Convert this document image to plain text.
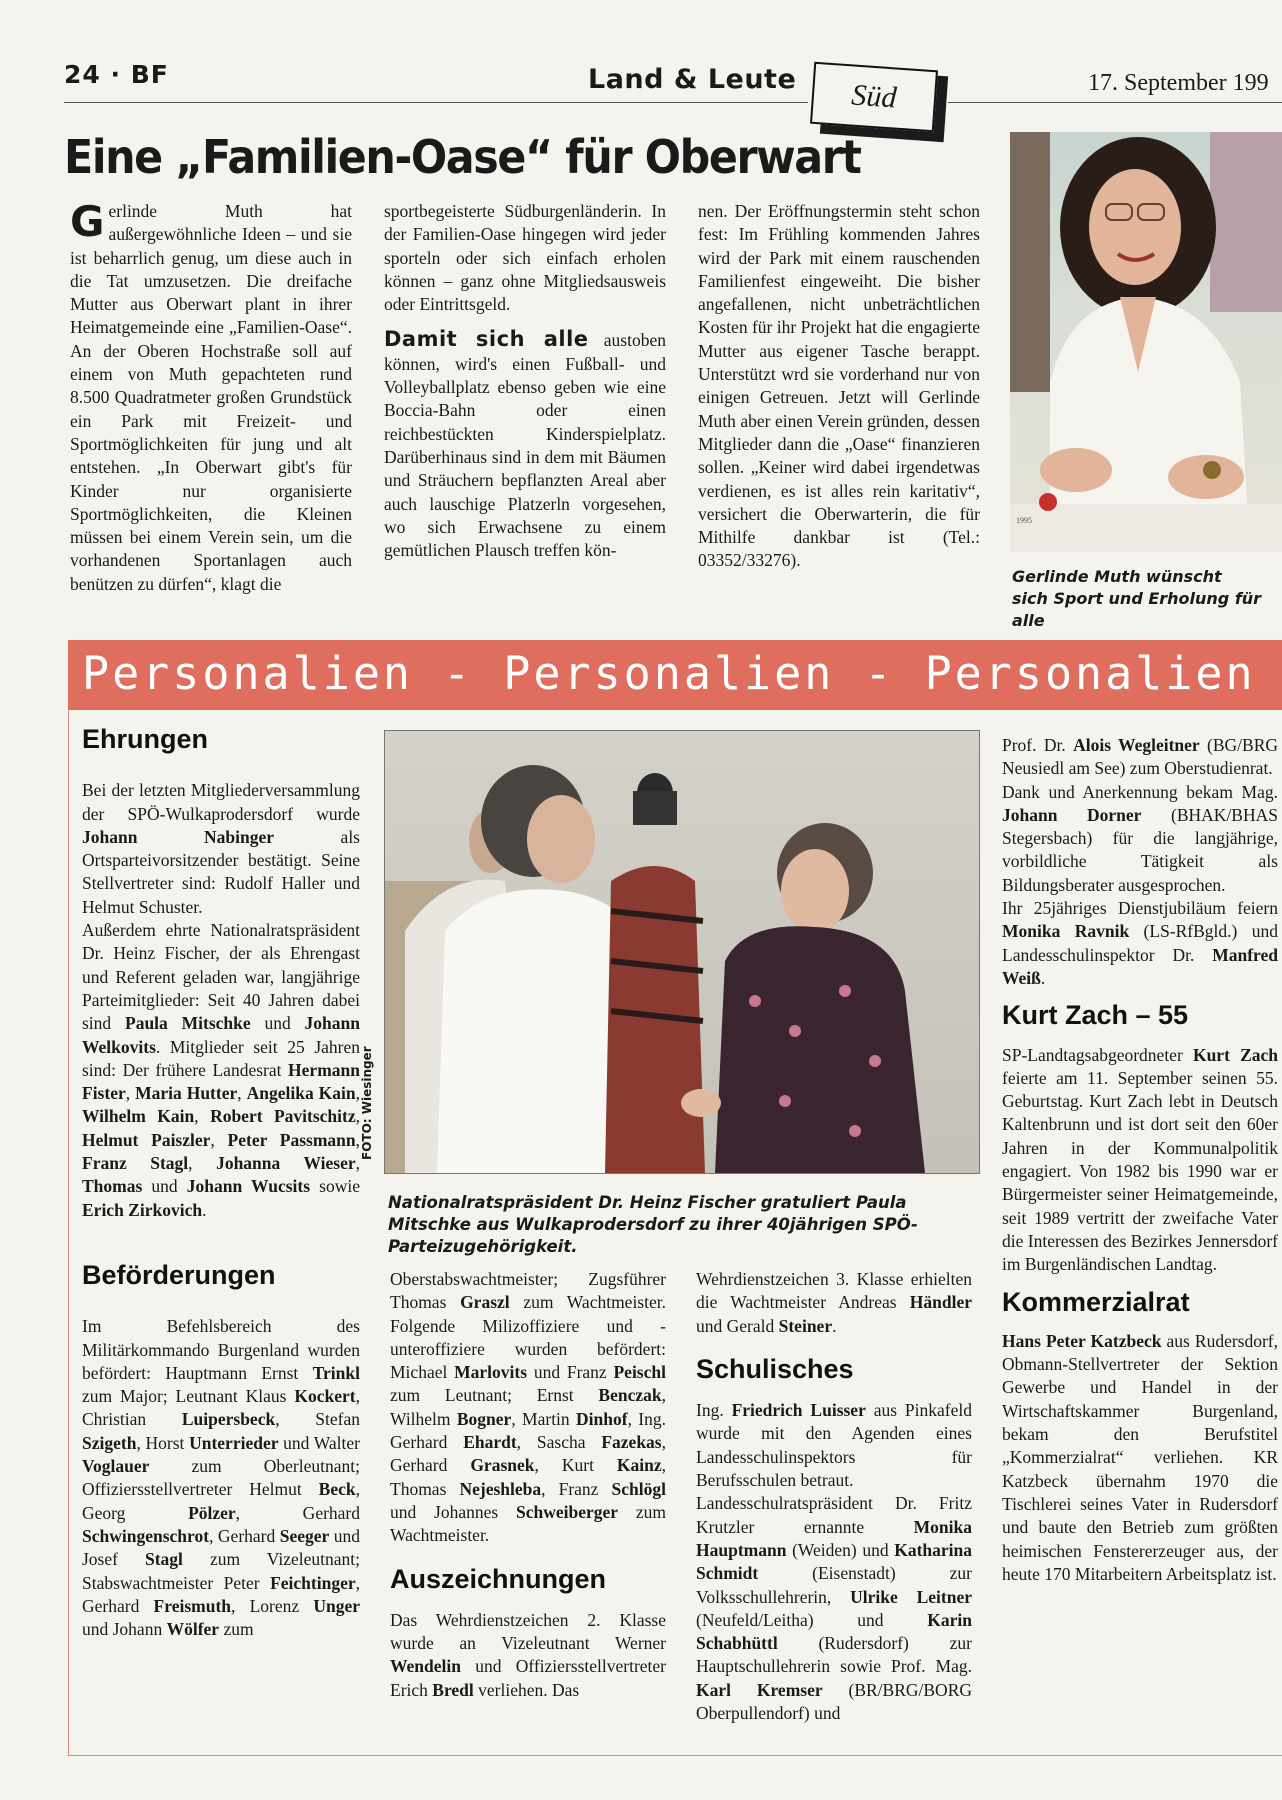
24 · BF	Land & Leute	Süd	17. September 199
Eine „Familien-Oase“ für Oberwart
G erlinde Muth hat außergewöhnliche Ideen – und sie ist beharrlich genug, um diese auch in die Tat umzusetzen. Die dreifache Mutter aus Oberwart plant in ihrer Heimatgemeinde eine „Familien-Oase“. An der Oberen Hochstraße soll auf einem von Muth gepachteten rund 8.500 Quadratmeter großen Grundstück ein Park mit Freizeit- und Sportmöglichkeiten für jung und alt entstehen. „In Oberwart gibt's für Kinder nur organisierte Sportmöglichkeiten, die Kleinen müssen bei einem Verein sein, um die vorhandenen Sportanlagen auch benützen zu dürfen“, klagt die

sportbegeisterte Südburgenländerin. In der Familien-Oase hingegen wird jeder sporteln oder sich einfach erholen können – ganz ohne Mitgliedsausweis oder Eintrittsgeld.

Damit sich alle austoben können, wird's einen Fußball- und Volleyballplatz ebenso geben wie eine Boccia-Bahn oder einen reichbestückten Kinderspielplatz. Darüberhinaus sind in dem mit Bäumen und Sträuchern bepflanzten Areal aber auch lauschige Platzerln vorgesehen, wo sich Erwachsene zu einem gemütlichen Plausch treffen kön-

nen. Der Eröffnungstermin steht schon fest: Im Frühling kommenden Jahres wird der Park mit einem rauschenden Familienfest eingeweiht. Die bisher angefallenen, nicht unbeträchtlichen Kosten für ihr Projekt hat die engagierte Mutter aus eigener Tasche berappt. Unterstützt wrd sie vorderhand nur von einigen Getreuen. Jetzt will Gerlinde Muth aber einen Verein gründen, dessen Mitglieder dann die „Oase“ finanzieren sollen. „Keiner wird dabei irgendetwas verdienen, es ist alles rein karitativ“, versichert die Oberwarterin, die für Mithilfe dankbar ist (Tel.: 03352/33276).
1995
Gerlinde Muth wünscht sich Sport und Erholung für alle
Personalien - Personalien - Personalien
Ehrungen

Bei der letzten Mitgliederversammlung der SPÖ-Wulkaprodersdorf wurde Johann Nabinger als Ortsparteivorsitzender bestätigt. Seine Stellvertreter sind: Rudolf Haller und Helmut Schuster.

Außerdem ehrte Nationalratspräsident Dr. Heinz Fischer, der als Ehrengast und Referent geladen war, langjährige Parteimitglieder: Seit 40 Jahren dabei sind Paula Mitschke und Johann Welkovits. Mitglieder seit 25 Jahren sind: Der frühere Landesrat Hermann Fister, Maria Hutter, Angelika Kain, Wilhelm Kain, Robert Pavitschitz, Helmut Paiszler, Peter Passmann, Franz Stagl, Johanna Wieser, Thomas und Johann Wucsits sowie Erich Zirkovich.

Beförderungen

Im Befehlsbereich des Militärkommando Burgenland wurden befördert: Hauptmann Ernst Trinkl zum Major; Leutnant Klaus Kockert, Christian Luipersbeck, Stefan Szigeth, Horst Unterrieder und Walter Voglauer zum Oberleutnant; Offiziersstellvertreter Helmut Beck, Georg Pölzer, Gerhard Schwingenschrot, Gerhard Seeger und Josef Stagl zum Vizeleutnant; Stabswachtmeister Peter Feichtinger, Gerhard Freismuth, Lorenz Unger und Johann Wölfer zum

FOTO: Wiesinger
Nationalratspräsident Dr. Heinz Fischer gratuliert Paula Mitschke aus Wulkaprodersdorf zu ihrer 40jährigen SPÖ-Parteizugehörigkeit.

Oberstabswachtmeister; Zugsführer Thomas Graszl zum Wachtmeister. Folgende Milizoffiziere und -unteroffiziere wurden befördert: Michael Marlovits und Franz Peischl zum Leutnant; Ernst Benczak, Wilhelm Bogner, Martin Dinhof, Ing. Gerhard Ehardt, Sascha Fazekas, Gerhard Grasnek, Kurt Kainz, Thomas Nejeshleba, Franz Schlögl und Johannes Schweiberger zum Wachtmeister.

Auszeichnungen

Das Wehrdienstzeichen 2. Klasse wurde an Vizeleutnant Werner Wendelin und Offiziersstellvertreter Erich Bredl verliehen. Das

Wehrdienstzeichen 3. Klasse erhielten die Wachtmeister Andreas Händler und Gerald Steiner.

Schulisches

Ing. Friedrich Luisser aus Pinkafeld wurde mit den Agenden eines Landesschulinspektors für Berufsschulen betraut.

Landesschulratspräsident Dr. Fritz Krutzler ernannte Monika Hauptmann (Weiden) und Katharina Schmidt (Eisenstadt) zur Volksschullehrerin, Ulrike Leitner (Neufeld/Leitha) und Karin Schabhüttl (Rudersdorf) zur Hauptschullehrerin sowie Prof. Mag. Karl Kremser (BR/BRG/BORG Oberpullendorf) und

Prof. Dr. Alois Wegleitner (BG/BRG Neusiedl am See) zum Oberstudienrat.

Dank und Anerkennung bekam Mag. Johann Dorner (BHAK/BHAS Stegersbach) für die langjährige, vorbildliche Tätigkeit als Bildungsberater ausgesprochen.

Ihr 25jähriges Dienstjubiläum feiern Monika Ravnik (LS-RfBgld.) und Landesschulinspektor Dr. Manfred Weiß.

Kurt Zach – 55

SP-Landtagsabgeordneter Kurt Zach feierte am 11. September seinen 55. Geburtstag. Kurt Zach lebt in Deutsch Kaltenbrunn und ist dort seit den 60er Jahren in der Kommunalpolitik engagiert. Von 1982 bis 1990 war er Bürgermeister seiner Heimatgemeinde, seit 1989 vertritt der zweifache Vater die Interessen des Bezirkes Jennersdorf im Burgenländischen Landtag.

Kommerzialrat

Hans Peter Katzbeck aus Rudersdorf, Obmann-Stellvertreter der Sektion Gewerbe und Handel in der Wirtschaftskammer Burgenland, bekam den Berufstitel „Kommerzialrat“ verliehen. KR Katzbeck übernahm 1970 die Tischlerei seines Vater in Rudersdorf und baute den Betrieb zum größten heimischen Fenstererzeuger aus, der heute 170 Mitarbeitern Arbeitsplatz ist.
